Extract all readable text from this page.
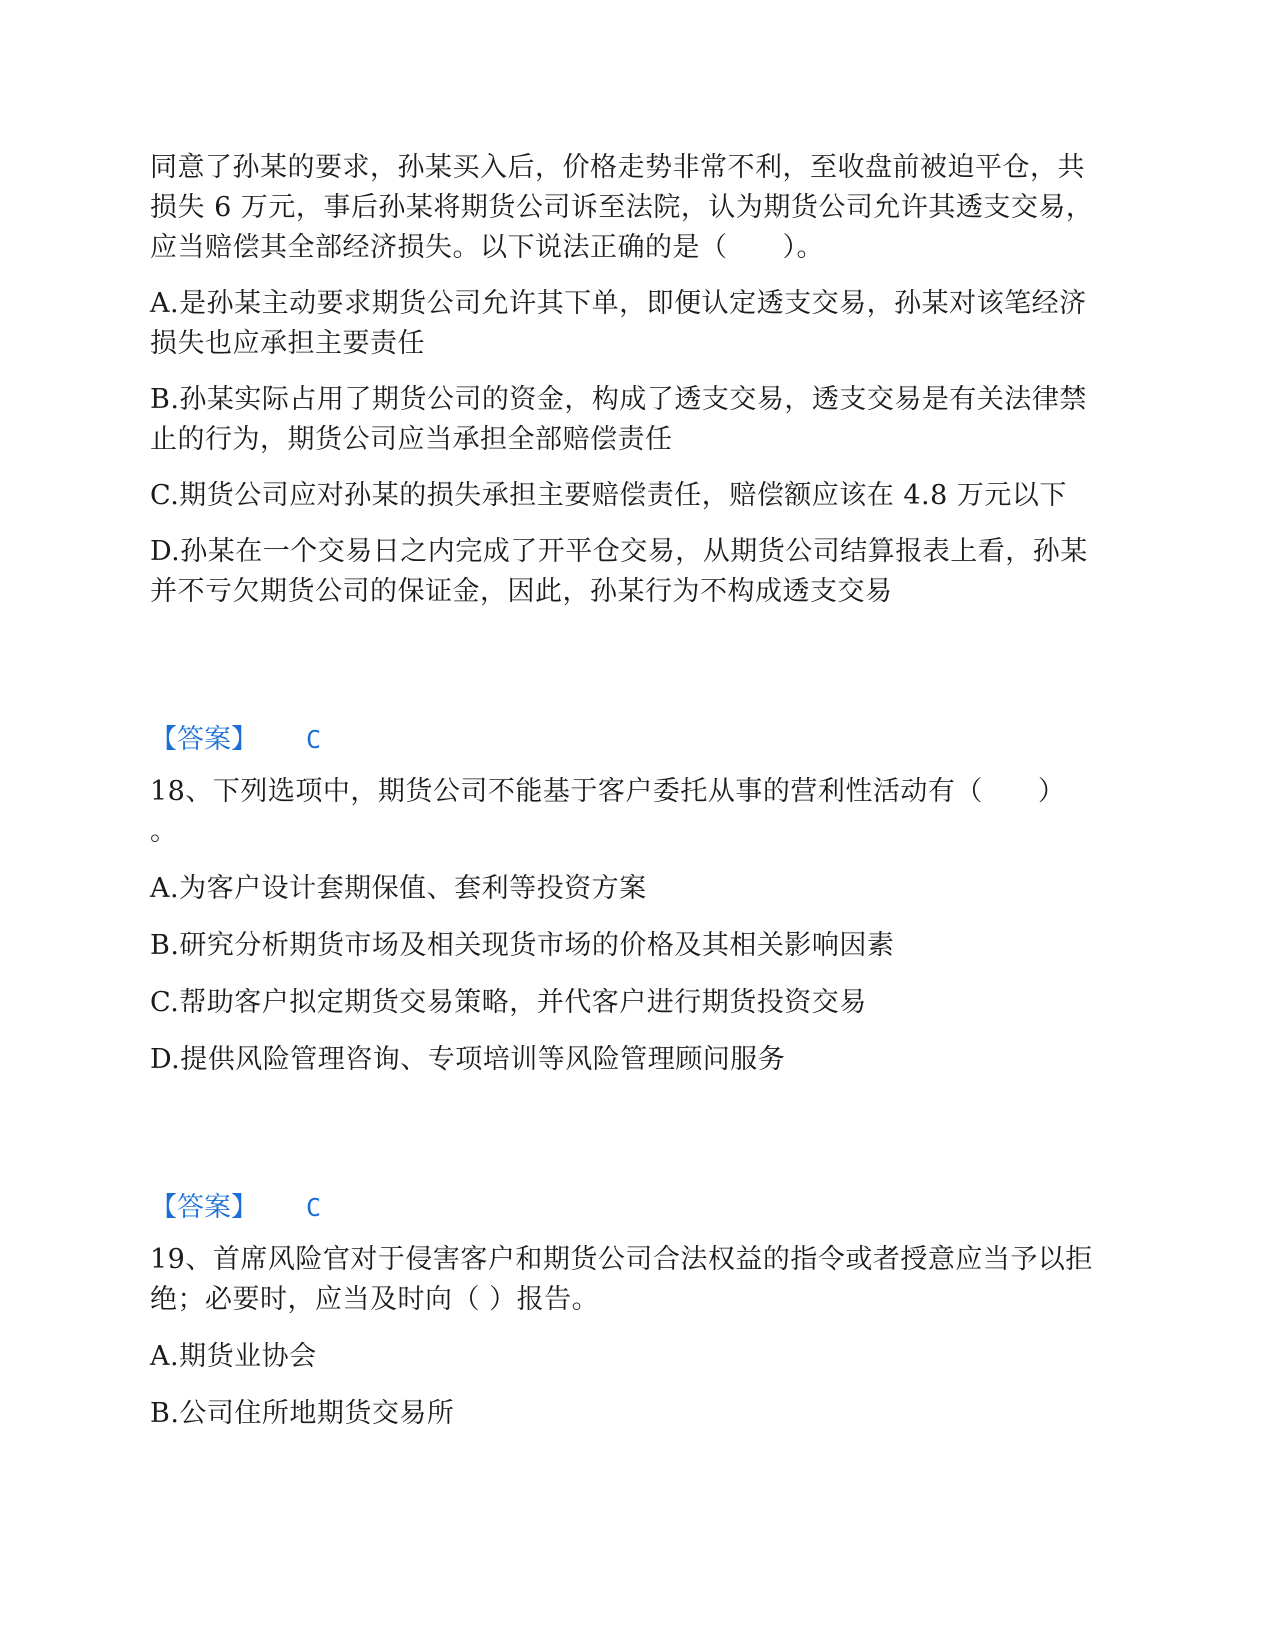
同意了孙某的要求，孙某买入后，价格走势非常不利，至收盘前被迫平仓，共损失 6 万元，事后孙某将期货公司诉至法院，认为期货公司允许其透支交易，应当赔偿其全部经济损失。以下说法正确的是（　　）。

A.是孙某主动要求期货公司允许其下单，即便认定透支交易，孙某对该笔经济损失也应承担主要责任

B.孙某实际占用了期货公司的资金，构成了透支交易，透支交易是有关法律禁止的行为，期货公司应当承担全部赔偿责任

C.期货公司应对孙某的损失承担主要赔偿责任，赔偿额应该在 4.8 万元以下

D.孙某在一个交易日之内完成了开平仓交易，从期货公司结算报表上看，孙某并不亏欠期货公司的保证金，因此，孙某行为不构成透支交易

【答案】 C

18、下列选项中，期货公司不能基于客户委托从事的营利性活动有（　　）

。

A.为客户设计套期保值、套利等投资方案

B.研究分析期货市场及相关现货市场的价格及其相关影响因素

C.帮助客户拟定期货交易策略，并代客户进行期货投资交易

D.提供风险管理咨询、专项培训等风险管理顾问服务

【答案】 C

19、首席风险官对于侵害客户和期货公司合法权益的指令或者授意应当予以拒绝；必要时，应当及时向（ ）报告。

A.期货业协会

B.公司住所地期货交易所
